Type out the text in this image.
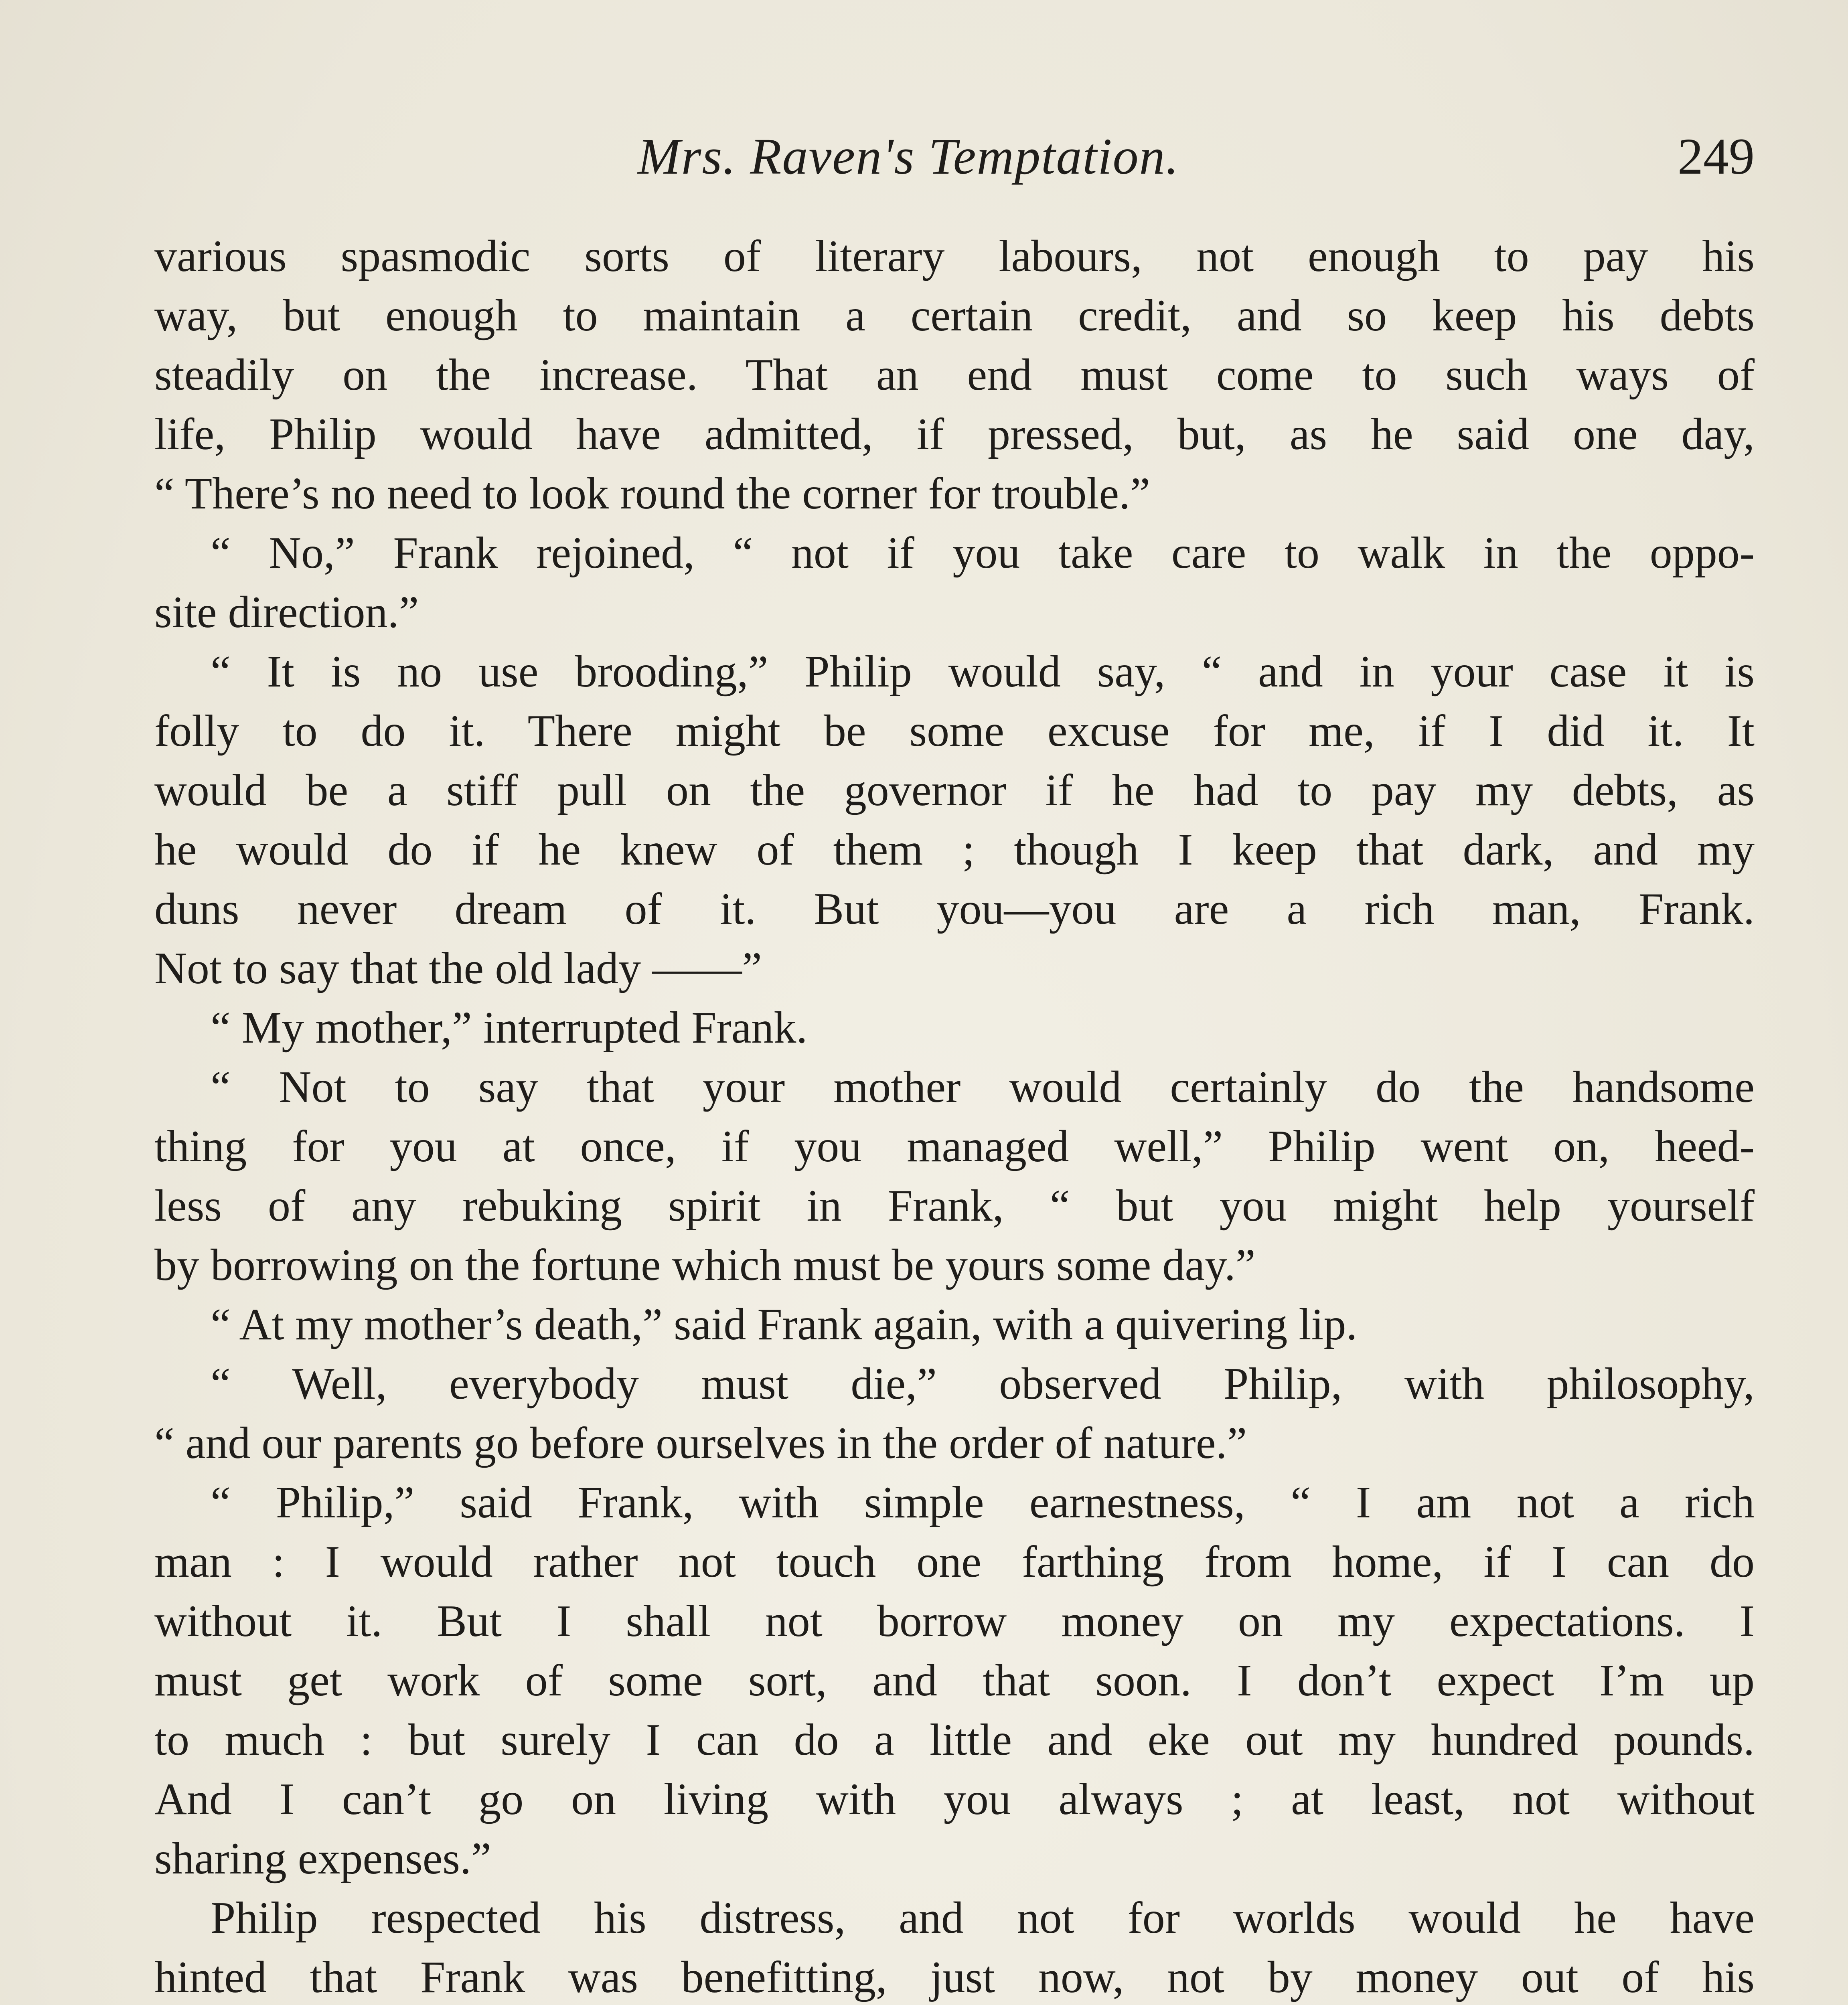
Mrs. Raven's Temptation.	249
various spasmodic sorts of literary labours, not enough to pay his
way, but enough to maintain a certain credit, and so keep his debts
steadily on the increase. That an end must come to such ways of
life, Philip would have admitted, if pressed, but, as he said one day,
“ There’s no need to look round the corner for trouble.”
“ No,” Frank rejoined, “ not if you take care to walk in the oppo-
site direction.”
“ It is no use brooding,” Philip would say, “ and in your case it is
folly to do it. There might be some excuse for me, if I did it. It
would be a stiff pull on the governor if he had to pay my debts, as
he would do if he knew of them ; though I keep that dark, and my
duns never dream of it. But you—you are a rich man, Frank.
Not to say that the old lady ——”
“ My mother,” interrupted Frank.
“ Not to say that your mother would certainly do the handsome
thing for you at once, if you managed well,” Philip went on, heed-
less of any rebuking spirit in Frank, “ but you might help yourself
by borrowing on the fortune which must be yours some day.”
“ At my mother’s death,” said Frank again, with a quivering lip.
“ Well, everybody must die,” observed Philip, with philosophy,
“ and our parents go before ourselves in the order of nature.”
“ Philip,” said Frank, with simple earnestness, “ I am not a rich
man : I would rather not touch one farthing from home, if I can do
without it. But I shall not borrow money on my expectations. I
must get work of some sort, and that soon. I don’t expect I’m up
to much : but surely I can do a little and eke out my hundred pounds.
And I can’t go on living with you always ; at least, not without
sharing expenses.”
Philip respected his distress, and not for worlds would he have
hinted that Frank was benefitting, just now, not by money out of his
